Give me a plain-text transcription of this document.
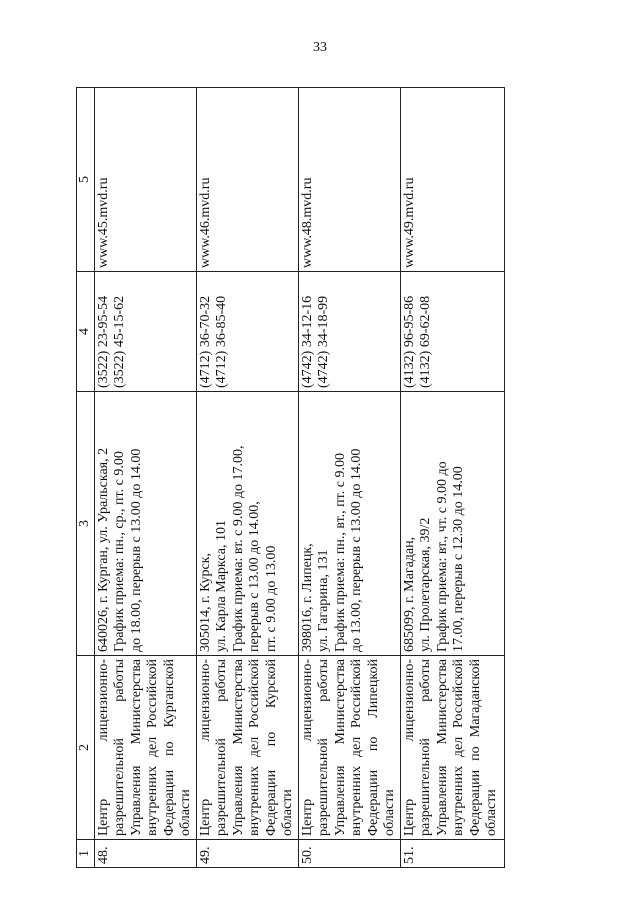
33
1	2	3	4	5
48.	Центр лицензионно-разрешительной работы Управления Министерства внутренних дел Российской Федерации по Курганской области	640026, г. Курган, ул. Уральская, 2 График приема: пн., ср., пт. с 9.00 до 18.00, перерыв с 13.00 до 14.00	(3522) 23-95-54 (3522) 45-15-62	www.45.mvd.ru
49.	Центр лицензионно-разрешительной работы Управления Министерства внутренних дел Российской Федерации по Курской области	305014, г. Курск, ул. Карла Маркса, 101 График приема: вт. с 9.00 до 17.00, перерыв с 13.00 до 14.00, пт. с 9.00 до 13.00	(4712) 36-70-32 (4712) 36-85-40	www.46.mvd.ru
50.	Центр лицензионно-разрешительной работы Управления Министерства внутренних дел Российской Федерации по Липецкой области	398016, г. Липецк, ул. Гагарина, 131 График приема: пн., вт., пт. с 9.00 до 13.00, перерыв с 13.00 до 14.00	(4742) 34-12-16 (4742) 34-18-99	www.48.mvd.ru
51.	Центр лицензионно-разрешительной работы Управления Министерства внутренних дел Российской Федерации по Магаданской области	685099, г. Магадан, ул. Пролетарская, 39/2 График приема: вт., чт. с 9.00 до 17.00, перерыв с 12.30 до 14.00	(4132) 96-95-86 (4132) 69-62-08	www.49.mvd.ru
